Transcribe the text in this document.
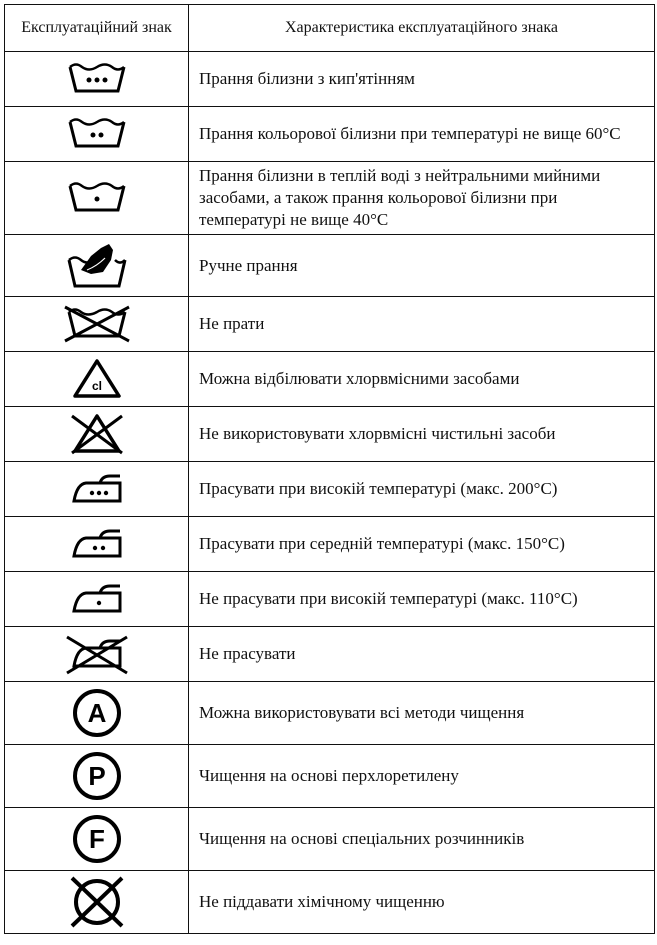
Експлуатаційний знак	Характеристика експлуатаційного знака

	Прання білизни з кип'ятінням

	Прання кольорової білизни при температурі не вище 60°С

	Прання білизни в теплій воді з нейтральними мийними засобами, а також прання кольорової білизни при температурі не вище 40°С

	Ручне прання

	Не прати

cl	Можна відбілювати хлорвмісними засобами

	Не використовувати хлорвмісні чистильні засоби

	Прасувати при високій температурі (макс. 200°С)

	Прасувати при середній температурі (макс. 150°С)

	Не прасувати при високій температурі (макс. 110°С)

	Не прасувати

A	Можна використовувати всі методи чищення

P	Чищення на основі перхлоретилену

F	Чищення на основі спеціальних розчинників

	Не піддавати хімічному чищенню
